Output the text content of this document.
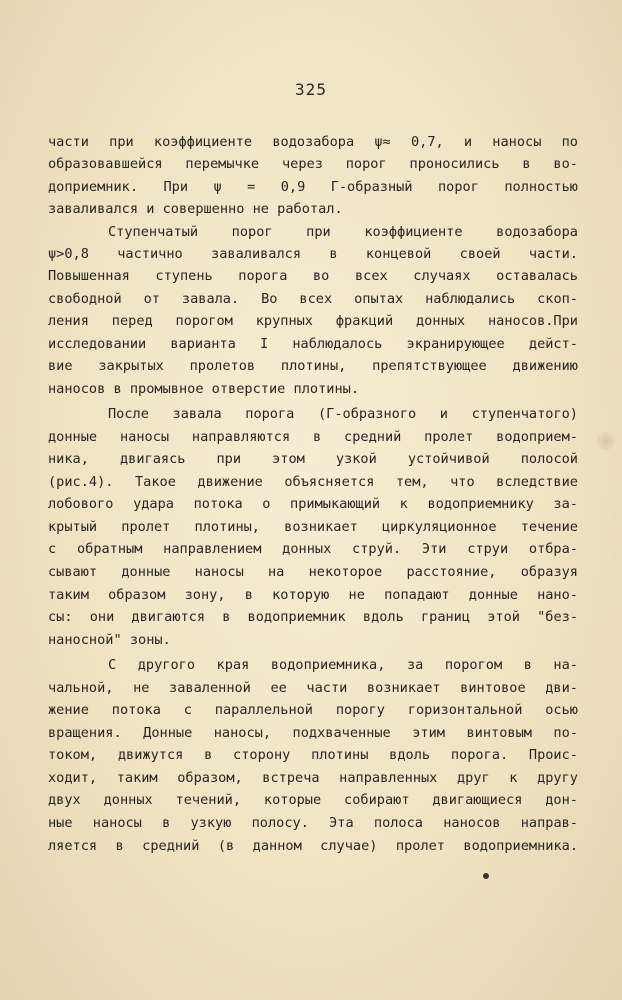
325
части при коэффициенте водозабора ψ≈ 0,7, и наносы по
образовавшейся перемычке через порог проносились в во-
доприемник. При ψ = 0,9 Г-образный порог полностью
заваливался и совершенно не работал.
Ступенчатый порог при коэффициенте водозабора
ψ>0,8 частично заваливался в концевой своей части.
Повышенная ступень порога во всех случаях оставалась
свободной от завала. Во всех опытах наблюдались скоп-
ления перед порогом крупных фракций донных наносов.При
исследовании варианта I наблюдалось экранирующее дейст-
вие закрытых пролетов плотины, препятствующее движению
наносов в промывное отверстие плотины.
После завала порога (Г-образного и ступенчатого)
донные наносы направляются в средний пролет водоприем-
ника, двигаясь при этом узкой устойчивой полосой
(рис.4). Такое движение объясняется тем, что вследствие
лобового удара потока о примыкающий к водоприемнику за-
крытый пролет плотины, возникает циркуляционное течение
с обратным направлением донных струй. Эти струи отбра-
сывают донные наносы на некоторое расстояние, образуя
таким образом зону, в которую не попадают донные нано-
сы: они двигаются в водоприемник вдоль границ этой "без-
наносной" зоны.
С другого края водоприемника, за порогом в на-
чальной, не заваленной ее части возникает винтовое дви-
жение потока с параллельной порогу горизонтальной осью
вращения. Донные наносы, подхваченные этим винтовым по-
током, движутся в сторону плотины вдоль порога. Проис-
ходит, таким образом, встреча направленных друг к другу
двух донных течений, которые собирают двигающиеся дон-
ные наносы в узкую полосу. Эта полоса наносов направ-
ляется в средний (в данном случае) пролет водоприемника.
